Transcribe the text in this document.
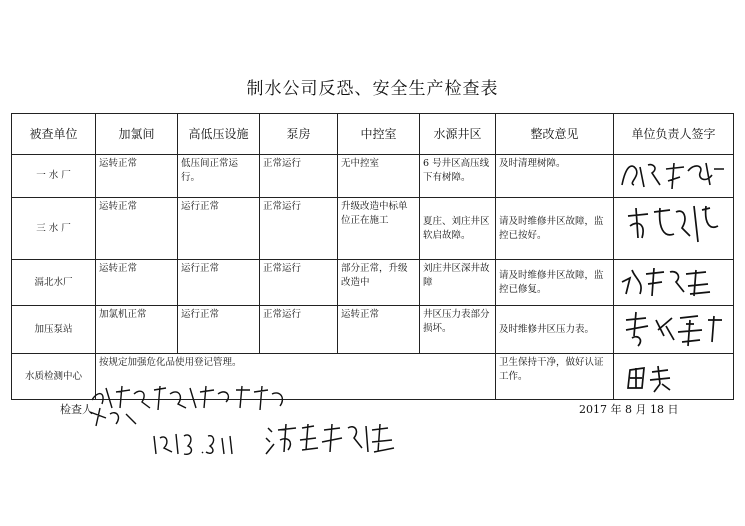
制水公司反恐、安全生产检查表
被查单位	加氯间	高低压设施	泵房	中控室	水源井区	整改意见	单位负责人签字
一 水 厂	运转正常	低压间正常运行。	正常运行	无中控室	6 号井区高压线下有树障。	及时清理树障。	

三 水 厂	运转正常	运行正常	正常运行	升级改造中标单位正在施工	夏庄、刘庄井区软启故障。	请及时维修井区故障，监控已按好。	

滆北水厂	运转正常	运行正常	正常运行	部分正常，升级改造中	刘庄井区深井故障	请及时维修井区故障，监控已修复。	

加压泵站	加氯机正常	运行正常	正常运行	运转正常	井区压力表部分损坏。	及时维修井区压力表。	

水质检测中心	按规定加强危化品使用登记管理。					卫生保持干净，做好认证工作。	
检查人	2017 年 8 月 18 日
